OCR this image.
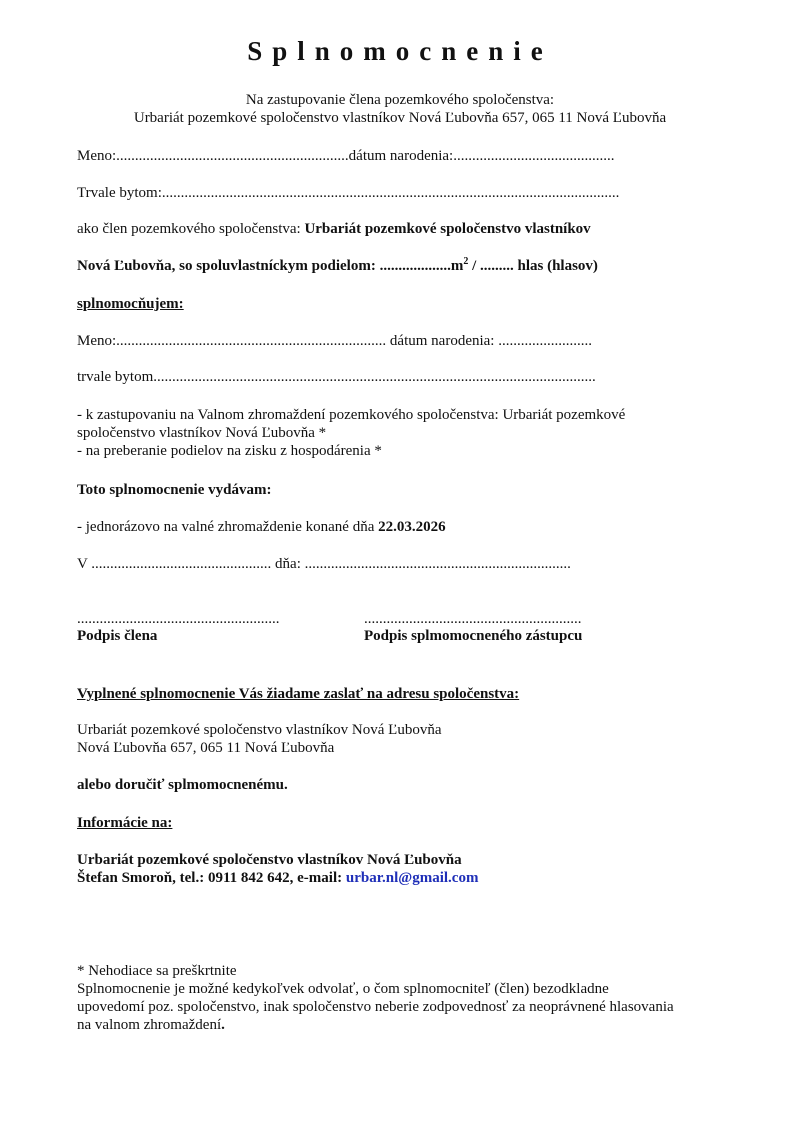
Splnomocnenie
Na zastupovanie člena pozemkového spoločenstva:
Urbariát pozemkové spoločenstvo vlastníkov Nová Ľubovňa 657, 065 11 Nová Ľubovňa
Meno:..............................................................dátum narodenia:...........................................
Trvale bytom:..........................................................................................................................
ako člen pozemkového spoločenstva: Urbariát pozemkové spoločenstvo vlastníkov
Nová Ľubovňa, so spoluvlastníckym podielom: $...................m^2$ / ......... hlas (hlasov)
splnomocňujem:
Meno:........................................................................ dátum narodenia: .........................
trvale bytom......................................................................................................................
- k zastupovaniu na Valnom zhromaždení pozemkového spoločenstva: Urbariát pozemkové
spoločenstvo vlastníkov Nová Ľubovňa *
- na preberanie podielov na zisku z hospodárenia *
Toto splnomocnenie vydávam:
- jednorázovo na valné zhromaždenie konané dňa 22.03.2026
V ................................................ dňa: .......................................................................
......................................................	..........................................................
Podpis člena	Podpis splmomocneného zástupcu
Vyplnené splnomocnenie Vás žiadame zaslať na adresu spoločenstva:
Urbariát pozemkové spoločenstvo vlastníkov Nová Ľubovňa
Nová Ľubovňa 657, 065 11 Nová Ľubovňa
alebo doručiť splmomocnenému.
Informácie na:
Urbariát pozemkové spoločenstvo vlastníkov Nová Ľubovňa
Štefan Smoroň, tel.: 0911 842 642, e-mail: urbar.nl@gmail.com
* Nehodiace sa preškrtnite
Splnomocnenie je možné kedykoľvek odvolať, o čom splnomocniteľ (člen) bezodkladne
upovedomí poz. spoločenstvo, inak spoločenstvo neberie zodpovednosť za neoprávnené hlasovania
na valnom zhromaždení.
